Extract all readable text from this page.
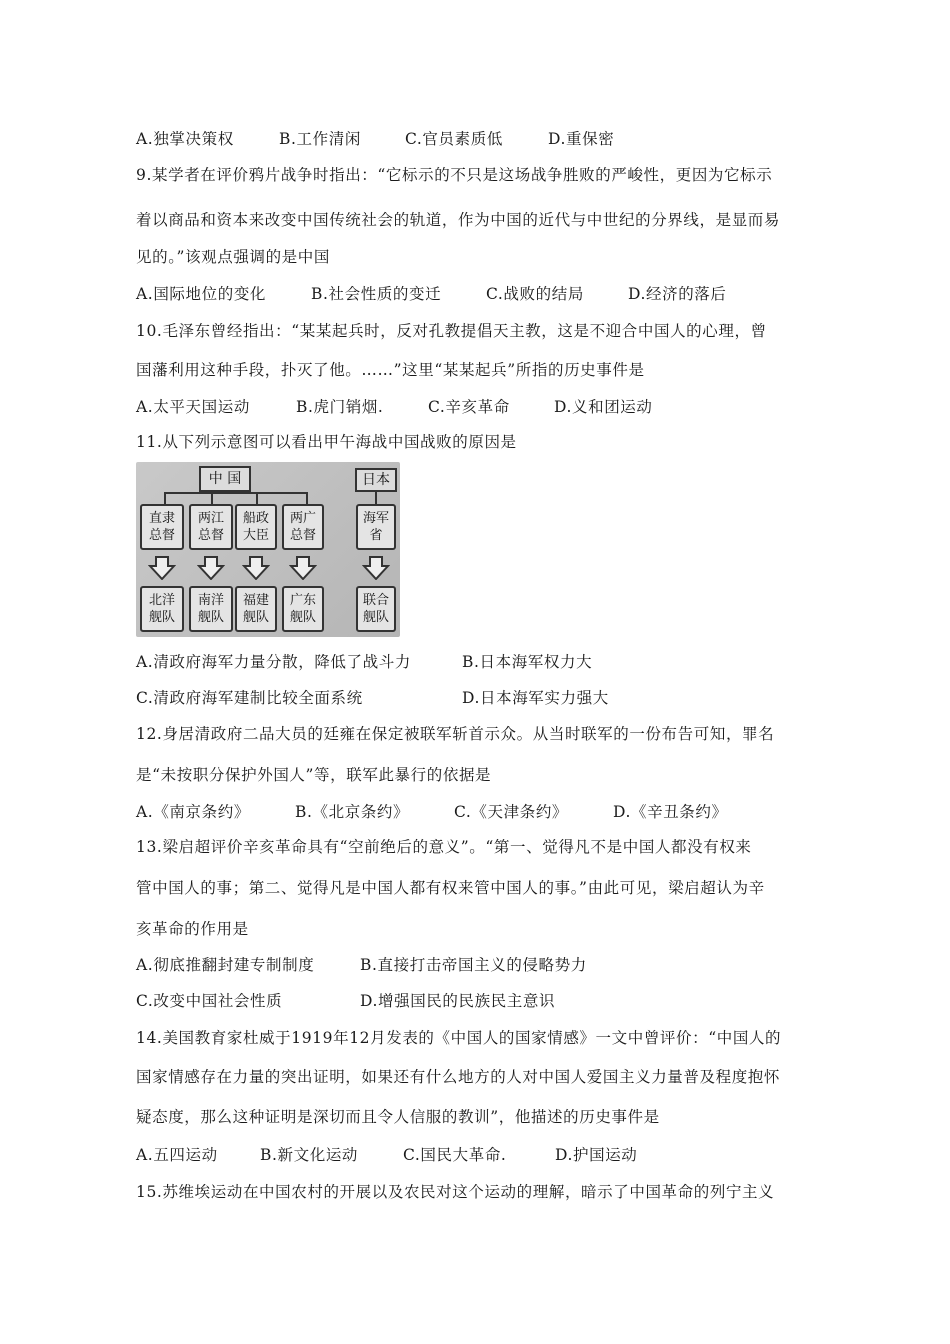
A.独掌决策权	B.工作清闲	C.官员素质低	D.重保密
9.某学者在评价鸦片战争时指出：“它标示的不只是这场战争胜败的严峻性，更因为它标示
着以商品和资本来改变中国传统社会的轨道，作为中国的近代与中世纪的分界线，是显而易
见的。”该观点强调的是中国
A.国际地位的变化	B.社会性质的变迁	C.战败的结局	D.经济的落后
10.毛泽东曾经指出：“某某起兵时，反对孔教提倡天主教，这是不迎合中国人的心理，曾
国藩利用这种手段，扑灭了他。……”这里“某某起兵”所指的历史事件是
A.太平天国运动	B.虎门销烟.	C.辛亥革命	D.义和团运动
11.从下列示意图可以看出甲午海战中国战败的原因是
中 国	日本
直隶
总督
两江
总督
船政
大臣
两广
总督
海军
省
北洋
舰队
南洋
舰队
福建
舰队
广东
舰队
联合
舰队
A.清政府海军力量分散，降低了战斗力	B.日本海军权力大
C.清政府海军建制比较全面系统	D.日本海军实力强大
12.身居清政府二品大员的廷雍在保定被联军斩首示众。从当时联军的一份布告可知，罪名
是“未按职分保护外国人”等，联军此暴行的依据是
A.《南京条约》	B.《北京条约》	C.《天津条约》	D.《辛丑条约》
13.梁启超评价辛亥革命具有“空前绝后的意义”。“第一、觉得凡不是中国人都没有权来
管中国人的事；第二、觉得凡是中国人都有权来管中国人的事。”由此可见，梁启超认为辛
亥革命的作用是
A.彻底推翻封建专制制度	B.直接打击帝国主义的侵略势力
C.改变中国社会性质	D.增强国民的民族民主意识
14.美国教育家杜威于1919年12月发表的《中国人的国家情感》一文中曾评价：“中国人的
国家情感存在力量的突出证明，如果还有什么地方的人对中国人爱国主义力量普及程度抱怀
疑态度，那么这种证明是深切而且令人信服的教训”，他描述的历史事件是
A.五四运动	B.新文化运动	C.国民大革命.	D.护国运动
15.苏维埃运动在中国农村的开展以及农民对这个运动的理解，暗示了中国革命的列宁主义
